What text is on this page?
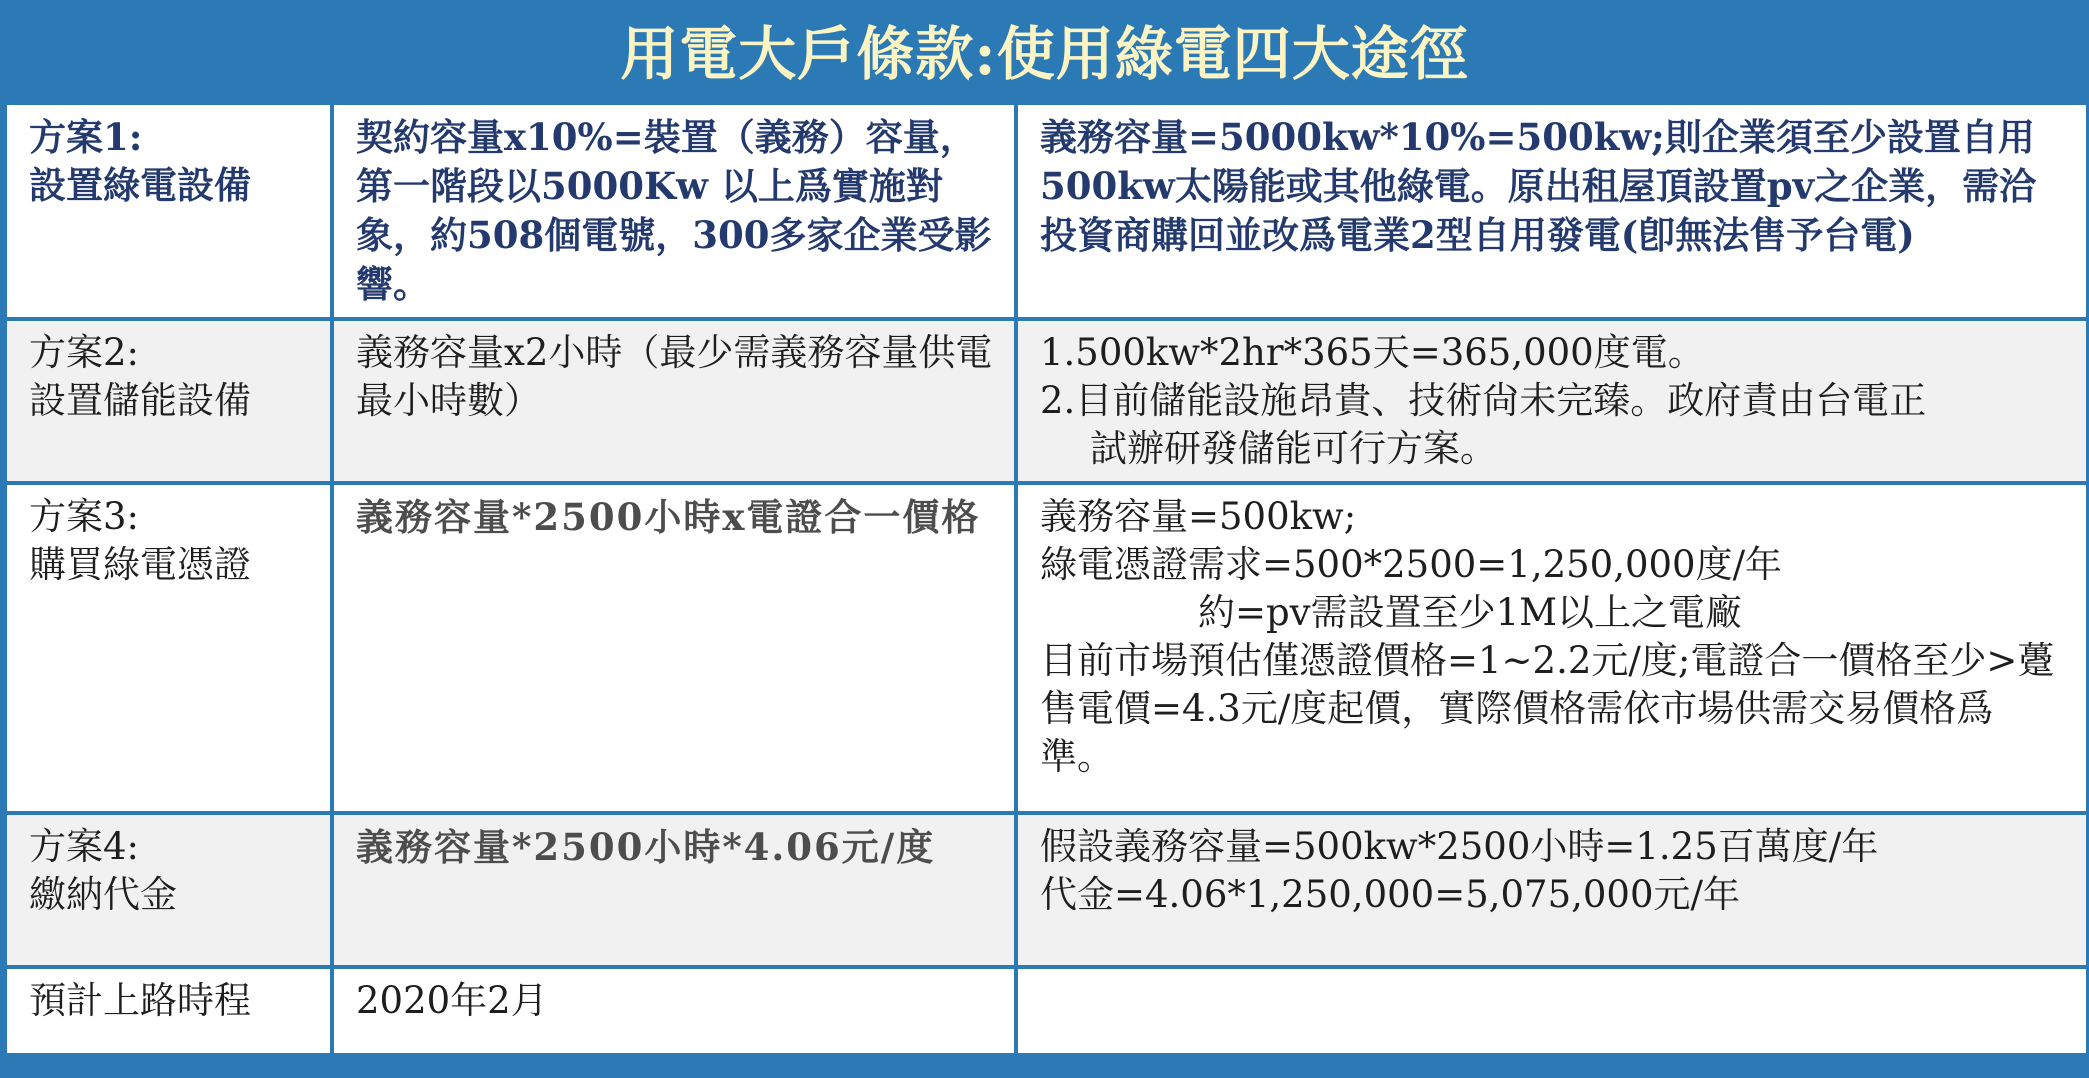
用電大戶條款:使用綠電四大途徑
方案1:
設置綠電設備	契約容量x10%=裝置（義務）容量，第一階段以5000Kw 以上爲實施對象，約508個電號，300多家企業受影響。	義務容量=5000kw*10%=500kw;則企業須至少設置自用500kw太陽能或其他綠電。原出租屋頂設置pv之企業，需洽投資商購回並改爲電業2型自用發電(卽無法售予台電)

方案2:
設置儲能設備	義務容量x2小時（最少需義務容量供電最小時數）	1.500kw*2hr*365天=365,000度電。
2.目前儲能設施昂貴、技術尙未完臻。政府責由台電正
試辦研發儲能可行方案。

方案3:
購買綠電憑證	義務容量*2500小時x電證合一價格	義務容量=500kw;
綠電憑證需求=500*2500=1,250,000度/年
約=pv需設置至少1M以上之電廠
目前市場預估僅憑證價格=1~2.2元/度;電證合一價格至少>躉售電價=4.3元/度起價，實際價格需依市場供需交易價格爲準。

方案4:
繳納代金	義務容量*2500小時*4.06元/度	假設義務容量=500kw*2500小時=1.25百萬度/年
代金=4.06*1,250,000=5,075,000元/年

預計上路時程	2020年2月	
